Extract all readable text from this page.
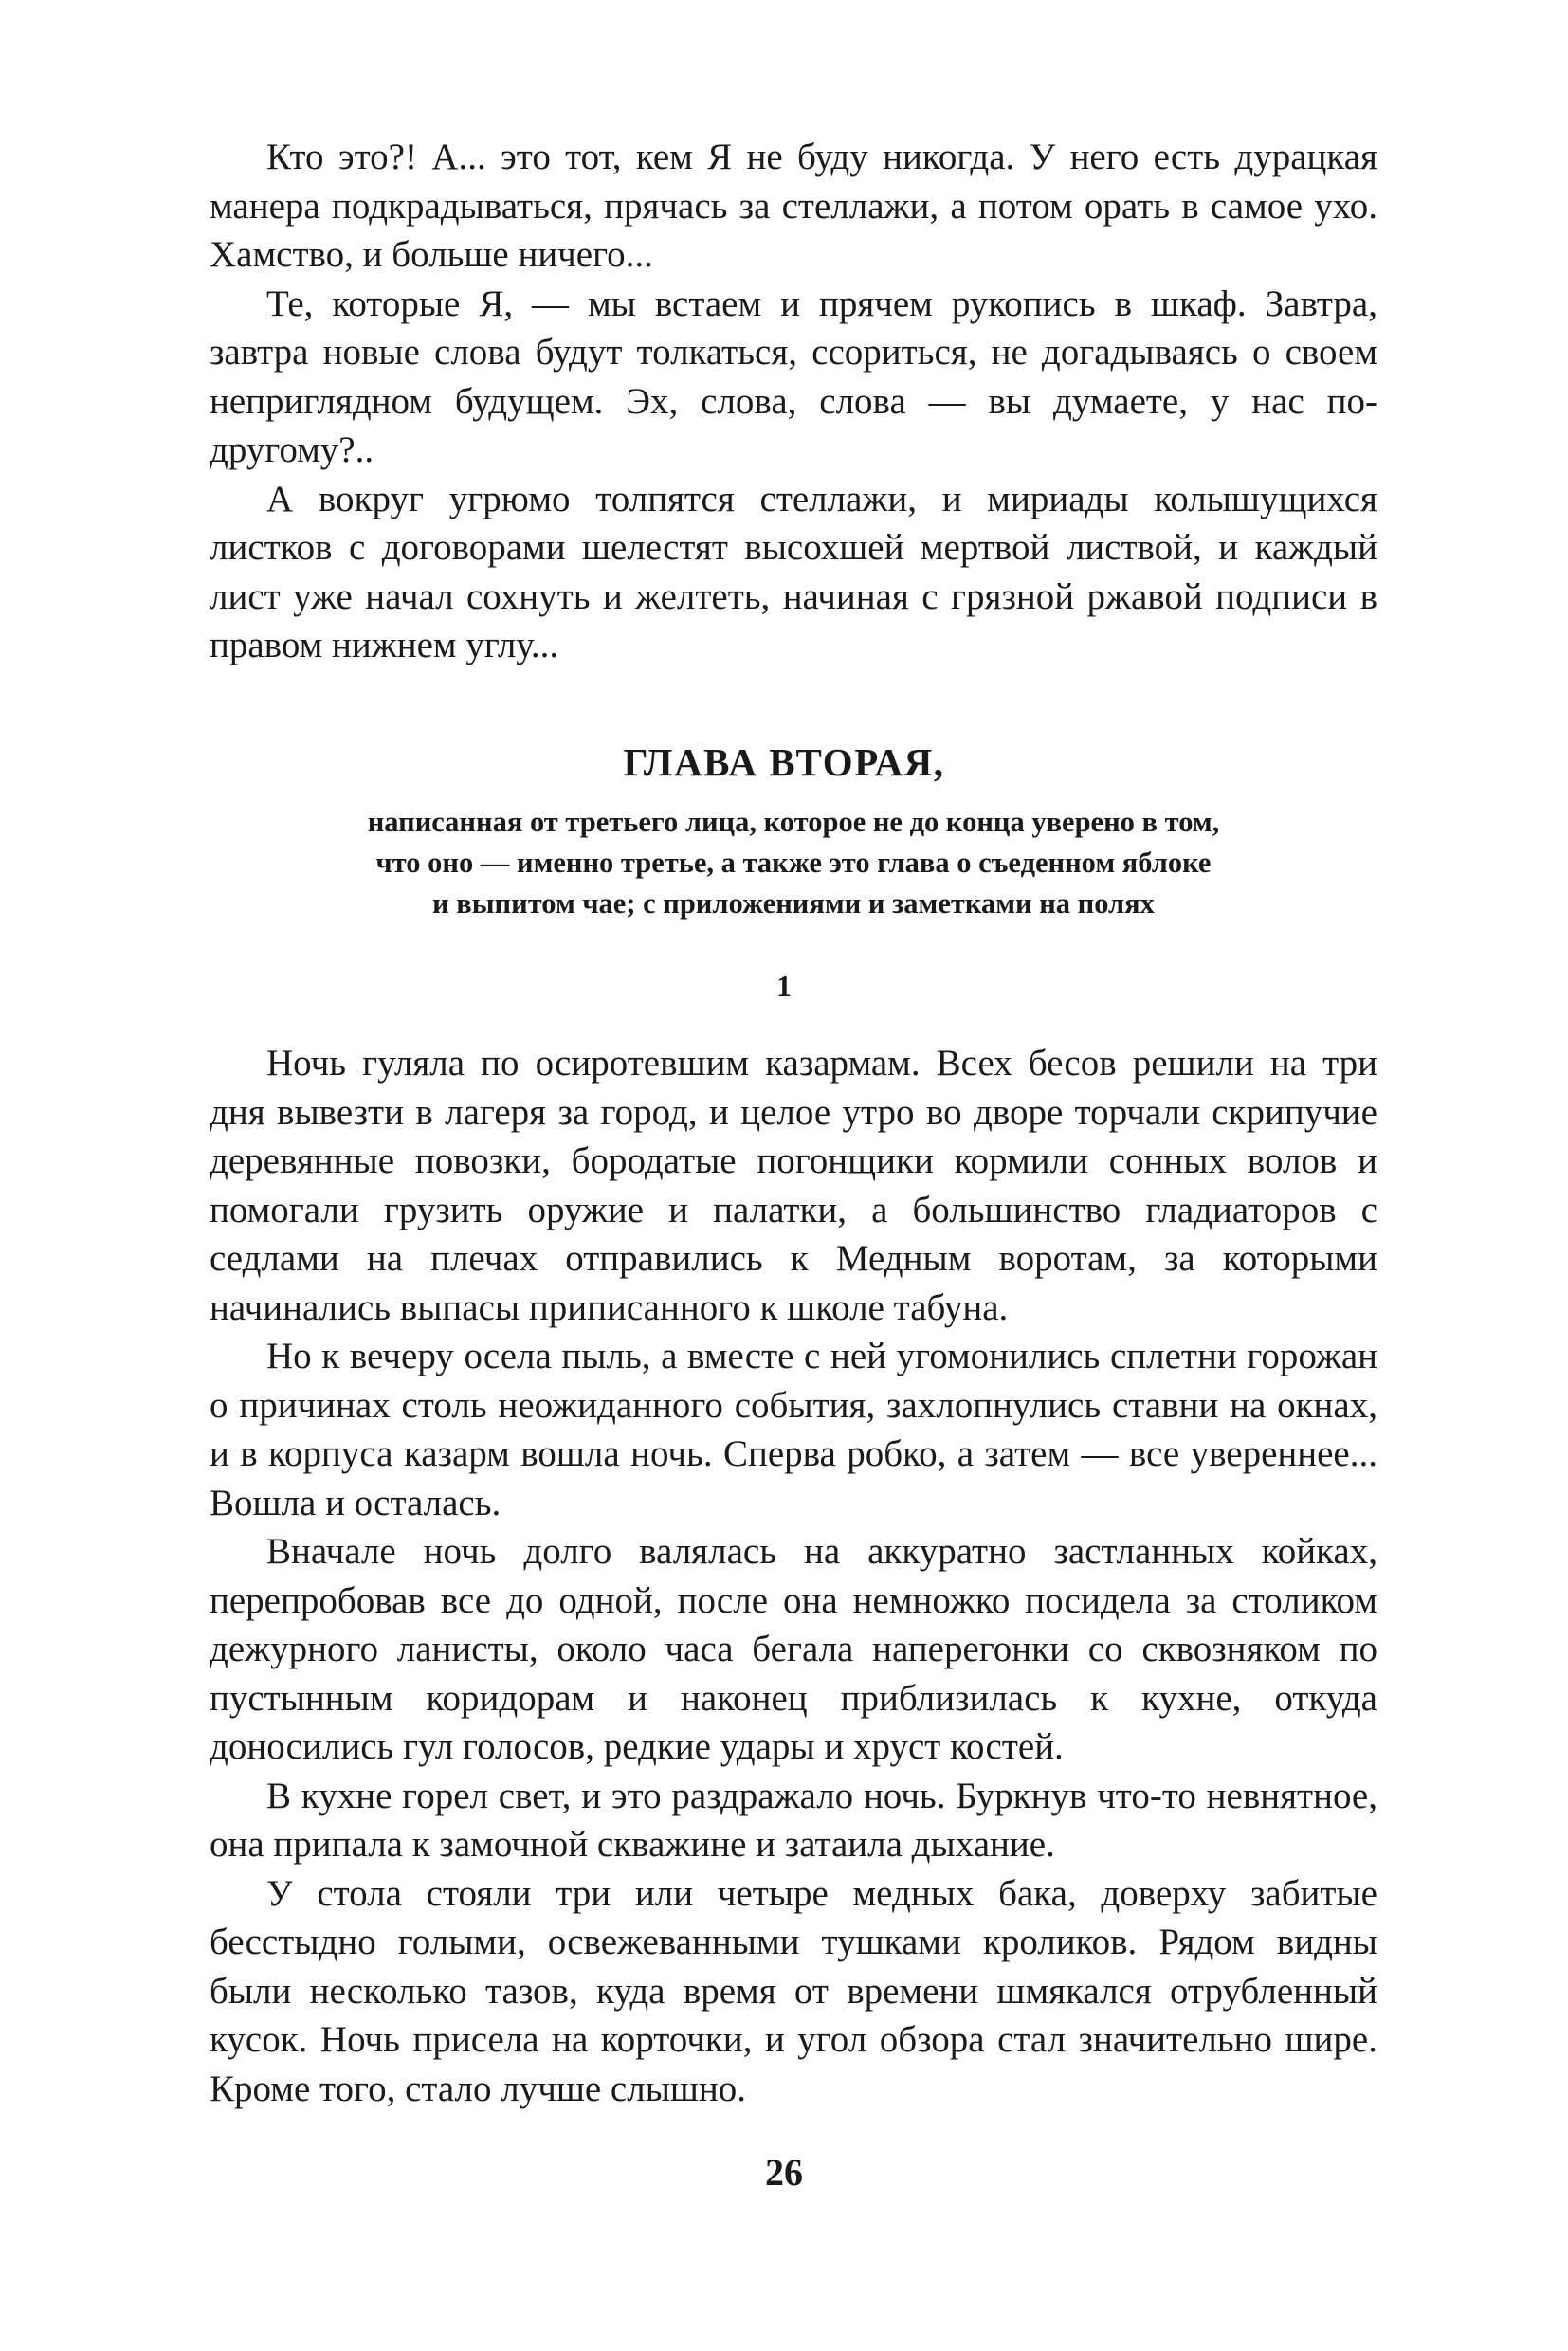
Кто это?! А... это тот, кем Я не буду никогда. У него есть дурацкая манера подкрадываться, прячась за стеллажи, а потом орать в самое ухо. Хамство, и больше ничего...

Те, которые Я, — мы встаем и прячем рукопись в шкаф. Завтра, завтра новые слова будут толкаться, ссориться, не догадываясь о своем неприглядном будущем. Эх, слова, слова — вы думаете, у нас по-другому?..

А вокруг угрюмо толпятся стеллажи, и мириады колышущихся листков с договорами шелестят высохшей мертвой листвой, и каждый лист уже начал сохнуть и желтеть, начиная с грязной ржавой подписи в правом нижнем углу...

ГЛАВА ВТОРАЯ,
написанная от третьего лица, которое не до конца уверено в том,
что оно — именно третье, а также это глава о съеденном яблоке
и выпитом чае; с приложениями и заметками на полях
1

Ночь гуляла по осиротевшим казармам. Всех бесов решили на три дня вывезти в лагеря за город, и целое утро во дворе торчали скрипучие деревянные повозки, бородатые погонщики кормили сонных волов и помогали грузить оружие и палатки, а большинство гладиаторов с седлами на плечах отправились к Медным воротам, за которыми начинались выпасы приписанного к школе табуна.

Но к вечеру осела пыль, а вместе с ней угомонились сплетни горожан о причинах столь неожиданного события, захлопнулись ставни на окнах, и в корпуса казарм вошла ночь. Сперва робко, а затем — все увереннее... Вошла и осталась.

Вначале ночь долго валялась на аккуратно застланных койках, перепробовав все до одной, после она немножко посидела за столиком дежурного ланисты, около часа бегала наперегонки со сквозняком по пустынным коридорам и наконец приблизилась к кухне, откуда доносились гул голосов, редкие удары и хруст костей.

В кухне горел свет, и это раздражало ночь. Буркнув что-то невнятное, она припала к замочной скважине и затаила дыхание.

У стола стояли три или четыре медных бака, доверху забитые бесстыдно голыми, освежеванными тушками кроликов. Рядом видны были несколько тазов, куда время от времени шмякался отрубленный кусок. Ночь присела на корточки, и угол обзора стал значительно шире. Кроме того, стало лучше слышно.

26
